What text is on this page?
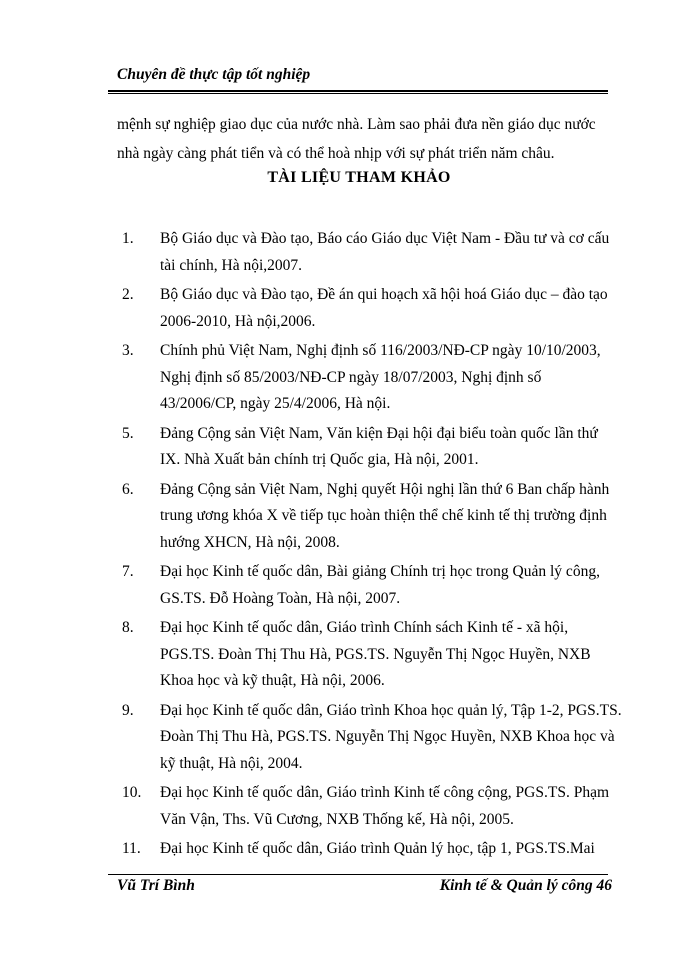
Chuyên đề thực tập tốt nghiệp

mệnh sự nghiệp giao dục của nước nhà. Làm sao phải đưa nền giáo dục nước

nhà ngày càng phát tiển và có thể hoà nhịp với sự phát triển năm châu.

TÀI LIỆU THAM KHẢO
1. Bộ Giáo dục và Đào tạo, Báo cáo Giáo dục Việt Nam - Đầu tư và cơ cấu
tài chính, Hà nội,2007.
2. Bộ Giáo dục và Đào tạo, Đề án qui hoạch xã hội hoá Giáo dục – đào tạo
2006-2010, Hà nội,2006.
3. Chính phủ Việt Nam, Nghị định số 116/2003/NĐ-CP ngày 10/10/2003,
Nghị định số 85/2003/NĐ-CP ngày 18/07/2003, Nghị định số
43/2006/CP, ngày 25/4/2006, Hà nội.
5. Đảng Cộng sản Việt Nam, Văn kiện Đại hội đại biểu toàn quốc lần thứ
IX. Nhà Xuất bản chính trị Quốc gia, Hà nội, 2001.
6. Đảng Cộng sản Việt Nam, Nghị quyết Hội nghị lần thứ 6 Ban chấp hành
trung ương khóa X về tiếp tục hoàn thiện thể chế kinh tế thị trường định
hướng XHCN, Hà nội, 2008.
7. Đại học Kinh tế quốc dân, Bài giảng Chính trị học trong Quản lý công,
GS.TS. Đỗ Hoàng Toàn, Hà nội, 2007.
8. Đại học Kinh tế quốc dân, Giáo trình Chính sách Kinh tế - xã hội,
PGS.TS. Đoàn Thị Thu Hà, PGS.TS. Nguyễn Thị Ngọc Huyền, NXB
Khoa học và kỹ thuật, Hà nội, 2006.
9. Đại học Kinh tế quốc dân, Giáo trình Khoa học quản lý, Tập 1-2, PGS.TS.
Đoàn Thị Thu Hà, PGS.TS. Nguyễn Thị Ngọc Huyền, NXB Khoa học và
kỹ thuật, Hà nội, 2004.
10. Đại học Kinh tế quốc dân, Giáo trình Kinh tế công cộng, PGS.TS. Phạm
Văn Vận, Ths. Vũ Cương, NXB Thống kế, Hà nội, 2005.
11. Đại học Kinh tế quốc dân, Giáo trình Quản lý học, tập 1, PGS.TS.Mai
Vũ Trí Bình	Kinh tế & Quản lý công 46
